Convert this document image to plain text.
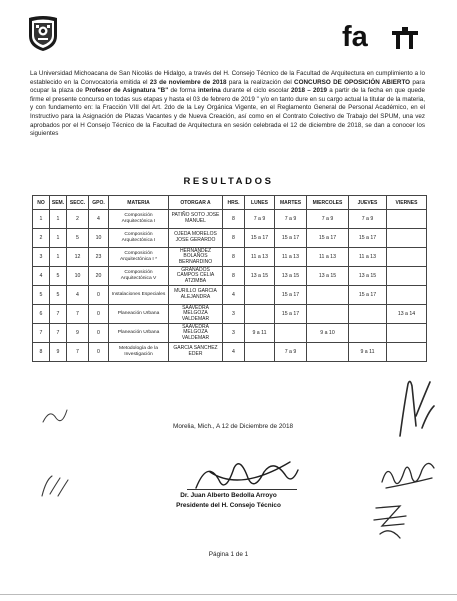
fa
La Universidad Michoacana de San Nicolás de Hidalgo, a través del H. Consejo Técnico de la Facultad de Arquitectura en cumplimiento a lo establecido en la Convocatoria emitida el 23 de noviembre de 2018 para la realización del CONCURSO DE OPOSICIÓN ABIERTO para ocupar la plaza de Profesor de Asignatura "B" de forma interina durante el ciclo escolar 2018 – 2019 a partir de la fecha en que quede firme el presente concurso en todas sus etapas y hasta el 03 de febrero de 2019 " y/o en tanto dure en su cargo actual la titular de la materia, y con fundamento en: la Fracción VIII del Art. 2do de la Ley Orgánica Vigente, en el Reglamento General de Personal Académico, en el Instructivo para la Asignación de Plazas Vacantes y de Nueva Creación, así como en el Contrato Colectivo de Trabajo del SPUM, una vez aprobados por el H Consejo Técnico de la Facultad de Arquitectura en sesión celebrada el 12 de diciembre de 2018, se dan a conocer los siguientes
RESULTADOS
NO	SEM.	SECC.	GPO.	MATERIA	OTORGAR A	HRS.	LUNES	MARTES	MIERCOLES	JUEVES	VIERNES
1	1	2	4	Composición Arquitectónica I	PATIÑO SOTO JOSE MANUEL	8	7 a 9	7 a 9	7 a 9	7 a 9	
2	1	5	10	Composición Arquitectónica I	OJEDA MORELOS JOSE GERARDO	8	15 a 17	15 a 17	15 a 17	15 a 17	
3	1	12	23	Composición Arquitectónica I *	HERNANDEZ BOLAÑOS BERNARDINO	8	11 a 13	11 a 13	11 a 13	11 a 13	
4	5	10	20	Composición Arquitectónica V	GRANADOS CAMPOS CELIA ATZIMBA	8	13 a 15	13 a 15	13 a 15	13 a 15	
5	5	4	0	Instalaciones Especiales	MURILLO GARCIA ALEJANDRA	4		15 a 17		15 a 17	
6	7	7	0	Planeación Urbana	SAAVEDRA MELGOZA VALDEMAR	3		15 a 17			13 a 14
7	7	9	0	Planeación Urbana	SAAVEDRA MELGOZA VALDEMAR	3	9 a 11		9 a 10		
8	9	7	0	Metodología de la Investigación	GARCIA SANCHEZ EDER	4		7 a 9		9 a 11	
Morelia, Mich., A 12 de Diciembre de 2018
Dr. Juan Alberto Bedolla Arroyo
Presidente del H. Consejo Técnico
Página 1 de 1
